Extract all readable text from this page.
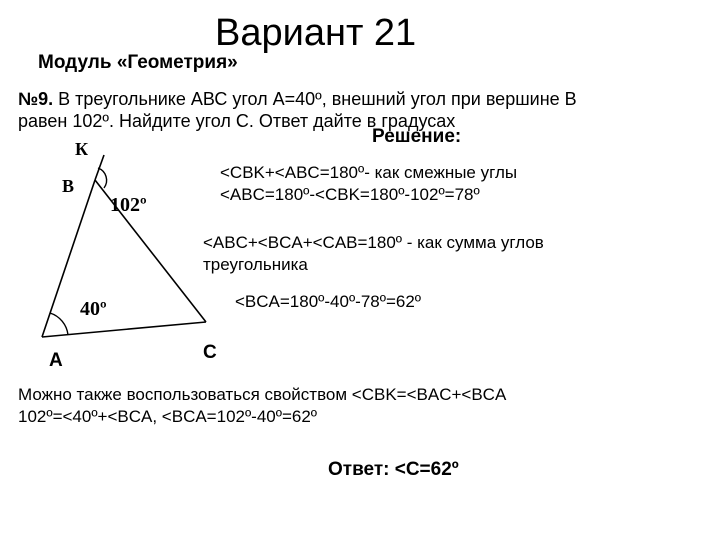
Вариант 21
Модуль «Геометрия»
№9. В треугольнике АВС угол А=40º, внешний угол при вершине В
равен 102º. Найдите угол С. Ответ дайте в градусах
Решение:
К
В
102º
40º
А	С
<CBK+<ABC=180º- как смежные углы
<ABC=180º-<CBK=180º-102º=78º
<ABC+<BCA+<CAB=180º - как сумма углов
треугольника
<BCA=180º-40º-78º=62º
Можно также воспользоваться свойством <CBK=<BAC+<BCA
102º=<40º+<BCA, <BCA=102º-40º=62º
Ответ: <C=62º
